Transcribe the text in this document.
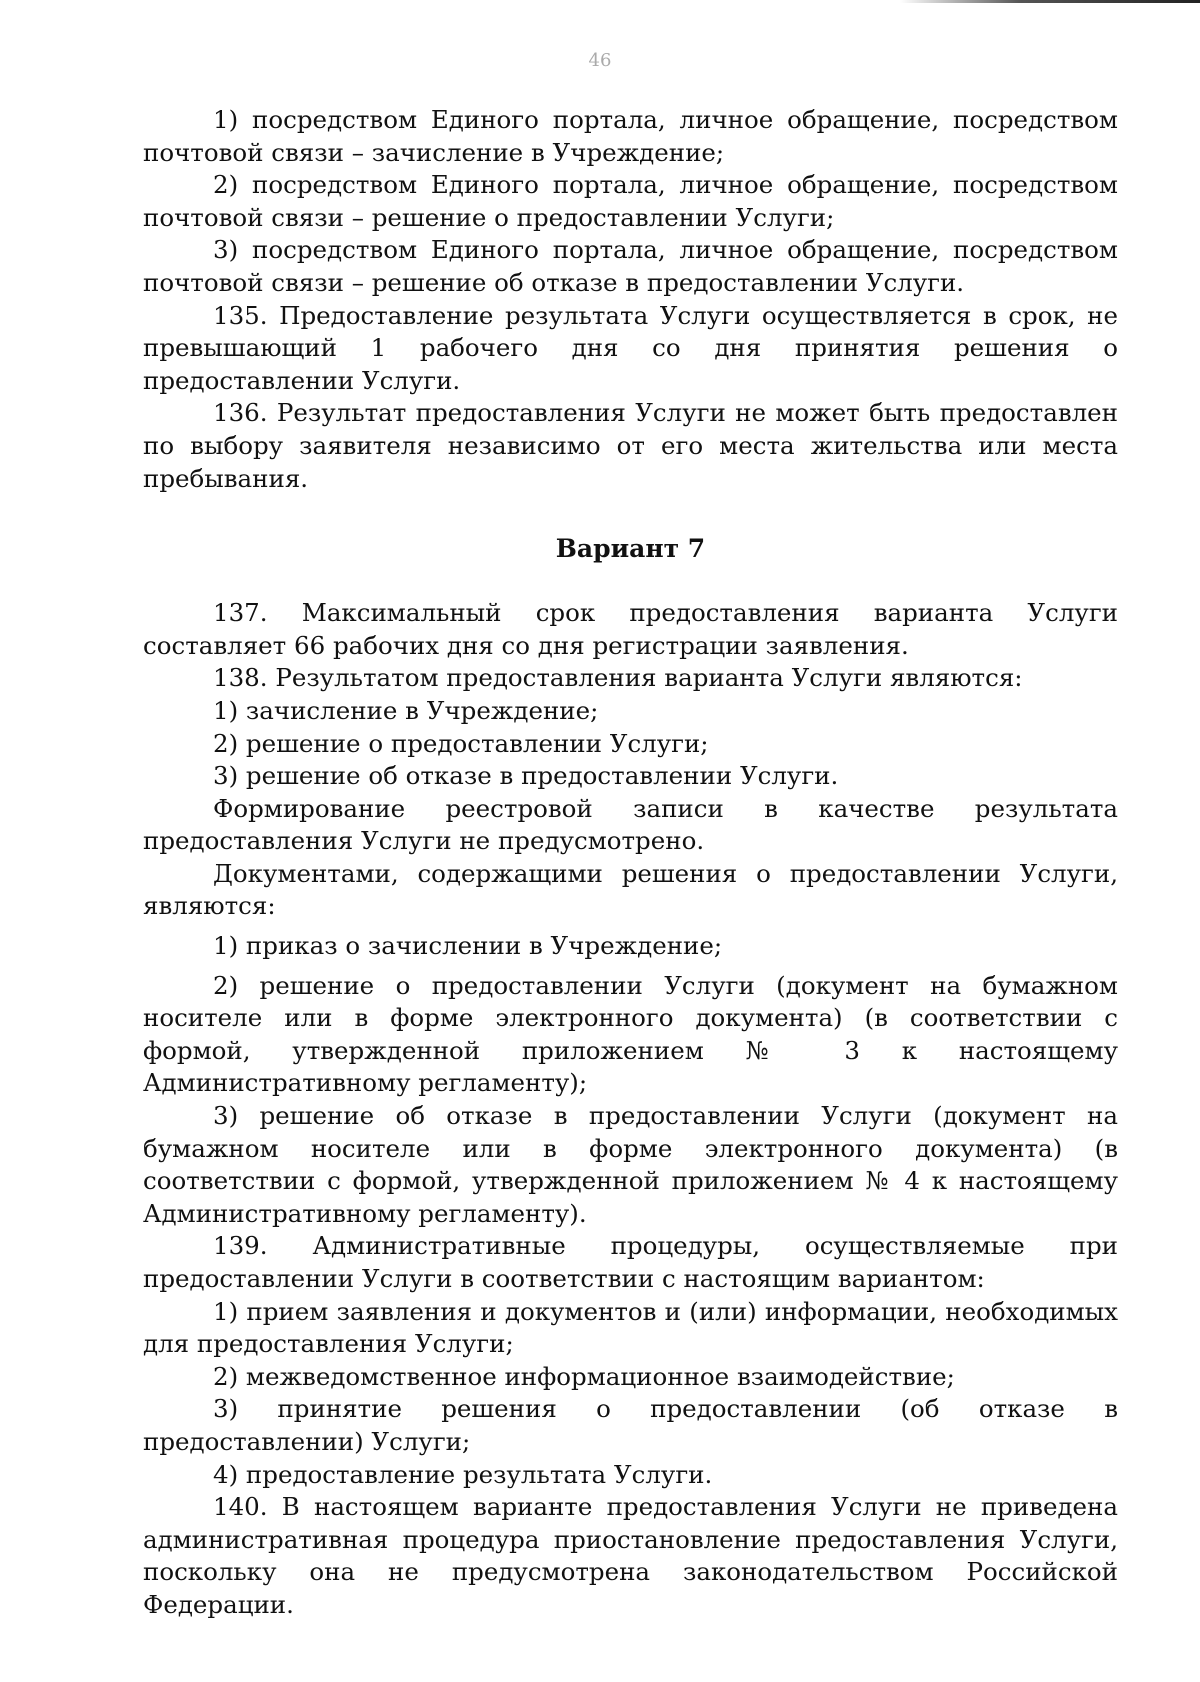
46

1) посредством Единого портала, личное обращение, посредством почтовой связи – зачисление в Учреждение;

2) посредством Единого портала, личное обращение, посредством почтовой связи – решение о предоставлении Услуги;

3) посредством Единого портала, личное обращение, посредством почтовой связи – решение об отказе в предоставлении Услуги.

135. Предоставление результата Услуги осуществляется в срок, не превышающий 1 рабочего дня со дня принятия решения о предоставлении Услуги.

136. Результат предоставления Услуги не может быть предоставлен по выбору заявителя независимо от его места жительства или места пребывания.

Вариант 7

137. Максимальный срок предоставления варианта Услуги составляет 66 рабочих дня со дня регистрации заявления.

138. Результатом предоставления варианта Услуги являются:

1) зачисление в Учреждение;

2) решение о предоставлении Услуги;

3) решение об отказе в предоставлении Услуги.

Формирование реестровой записи в качестве результата предоставления Услуги не предусмотрено.

Документами, содержащими решения о предоставлении Услуги, являются:

1) приказ о зачислении в Учреждение;

2) решение о предоставлении Услуги (документ на бумажном носителе или в форме электронного документа) (в соответствии с формой, утвержденной приложением № 3 к настоящему Административному регламенту);

3) решение об отказе в предоставлении Услуги (документ на бумажном носителе или в форме электронного документа) (в соответствии с формой, утвержденной приложением № 4 к настоящему Административному регламенту).

139. Административные процедуры, осуществляемые при предоставлении Услуги в соответствии с настоящим вариантом:

1) прием заявления и документов и (или) информации, необходимых для предоставления Услуги;

2) межведомственное информационное взаимодействие;

3) принятие решения о предоставлении (об отказе в предоставлении) Услуги;

4) предоставление результата Услуги.

140. В настоящем варианте предоставления Услуги не приведена административная процедура приостановление предоставления Услуги, поскольку она не предусмотрена законодательством Российской Федерации.
